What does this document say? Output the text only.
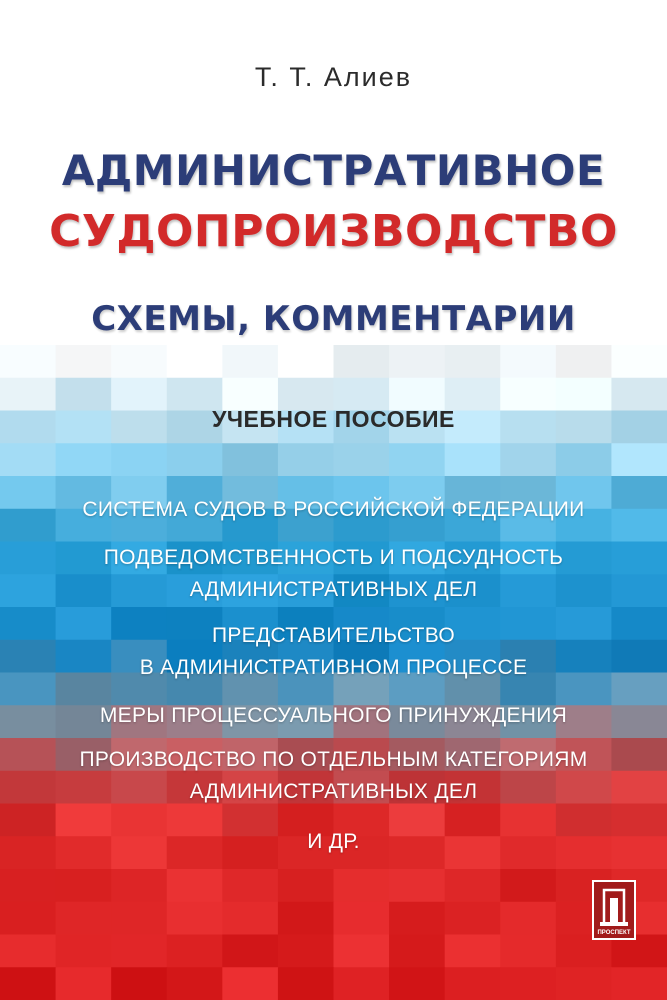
Т. Т. Алиев
АДМИНИСТРАТИВНОЕ
СУДОПРОИЗВОДСТВО
СХЕМЫ, КОММЕНТАРИИ
УЧЕБНОЕ ПОСОБИЕ
СИСТЕМА СУДОВ В РОССИЙСКОЙ ФЕДЕРАЦИИ
ПОДВЕДОМСТВЕННОСТЬ И ПОДСУДНОСТЬ
АДМИНИСТРАТИВНЫХ ДЕЛ
ПРЕДСТАВИТЕЛЬСТВО
В АДМИНИСТРАТИВНОМ ПРОЦЕССЕ
МЕРЫ ПРОЦЕССУАЛЬНОГО ПРИНУЖДЕНИЯ
ПРОИЗВОДСТВО ПО ОТДЕЛЬНЫМ КАТЕГОРИЯМ
АДМИНИСТРАТИВНЫХ ДЕЛ
И ДР.
ПРОСПЕКТ
